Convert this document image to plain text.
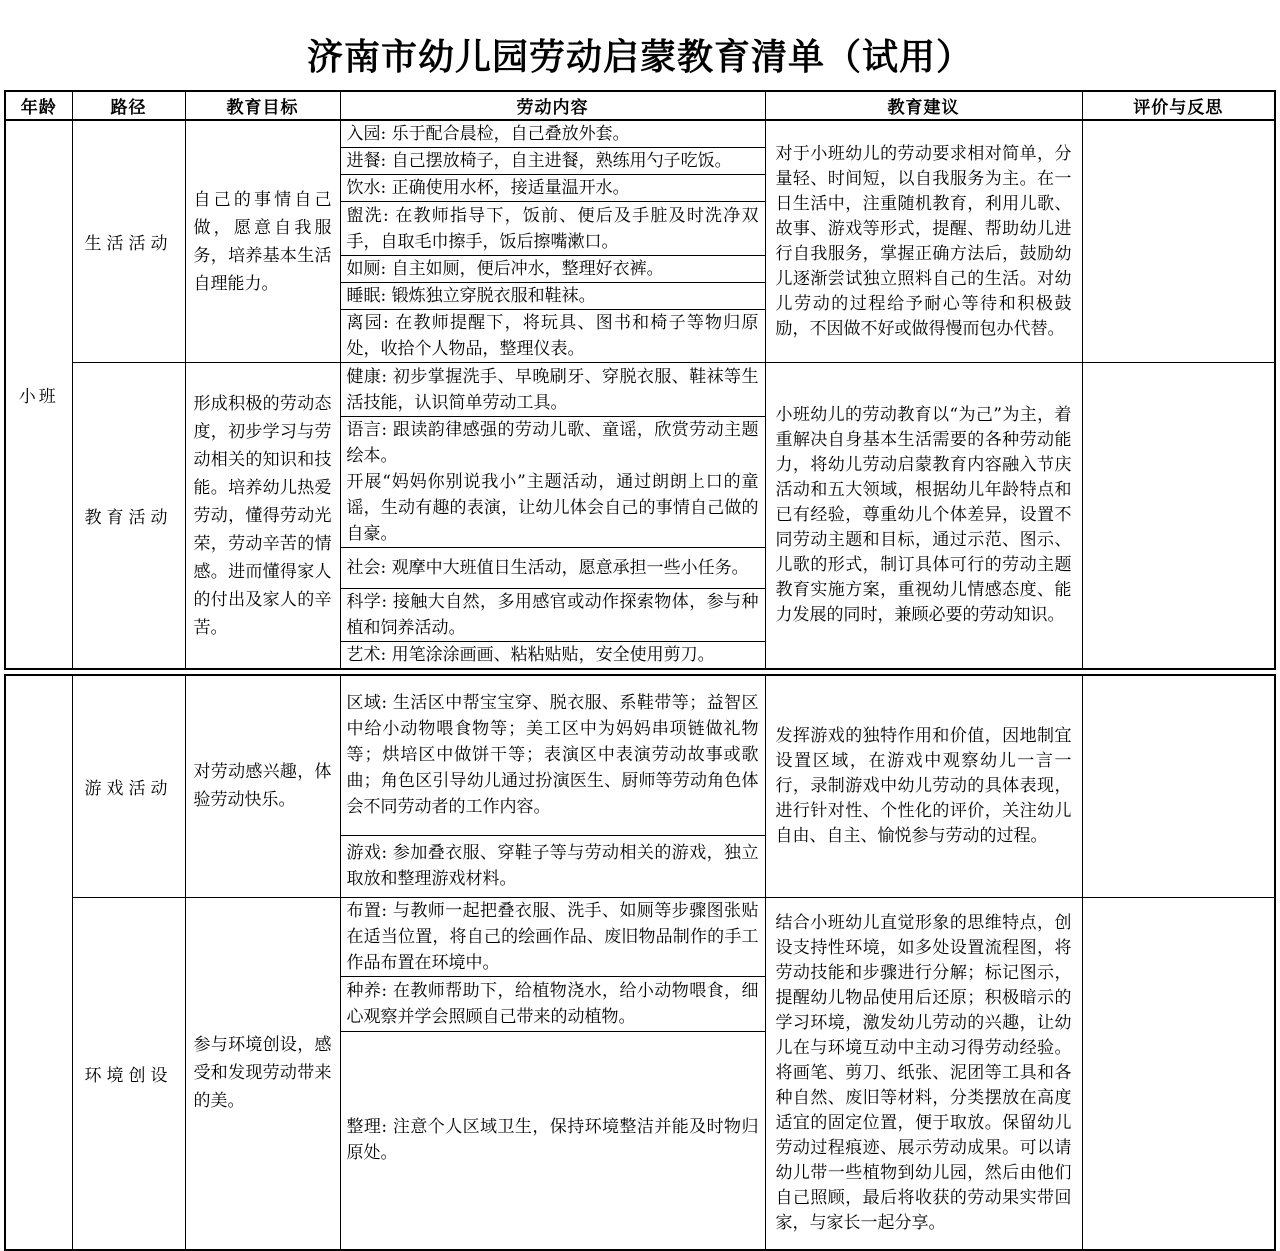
济南市幼儿园劳动启蒙教育清单（试用）
年龄	路径	教育目标	劳动内容	教育建议	评价与反思
小班	生活活动	自己的事情自己做，愿意自我服务，培养基本生活自理能力。	入园: 乐于配合晨检，自己叠放外套。	对于小班幼儿的劳动要求相对简单，分量轻、时间短，以自我服务为主。在一日生活中，注重随机教育，利用儿歌、故事、游戏等形式，提醒、帮助幼儿进行自我服务，掌握正确方法后，鼓励幼儿逐渐尝试独立照料自己的生活。对幼儿劳动的过程给予耐心等待和积极鼓励，不因做不好或做得慢而包办代替。	

			进餐: 自己摆放椅子，自主进餐，熟练用勺子吃饭。		

			饮水: 正确使用水杯，接适量温开水。		

			盥洗: 在教师指导下，饭前、便后及手脏及时洗净双手，自取毛巾擦手，饭后擦嘴漱口。		

			如厕: 自主如厕，便后冲水，整理好衣裤。		

			睡眠: 锻炼独立穿脱衣服和鞋袜。		

			离园: 在教师提醒下，将玩具、图书和椅子等物归原处，收拾个人物品，整理仪表。		

	教育活动	形成积极的劳动态度，初步学习与劳动相关的知识和技能。培养幼儿热爱劳动，懂得劳动光荣，劳动辛苦的情感。进而懂得家人的付出及家人的辛苦。	健康: 初步掌握洗手、早晚刷牙、穿脱衣服、鞋袜等生活技能，认识简单劳动工具。	小班幼儿的劳动教育以“为己”为主，着重解决自身基本生活需要的各种劳动能力，将幼儿劳动启蒙教育内容融入节庆活动和五大领域，根据幼儿年龄特点和已有经验，尊重幼儿个体差异，设置不同劳动主题和目标，通过示范、图示、儿歌的形式，制订具体可行的劳动主题教育实施方案，重视幼儿情感态度、能力发展的同时，兼顾必要的劳动知识。	

			语言: 跟读韵律感强的劳动儿歌、童谣，欣赏劳动主题绘本。
开展“妈妈你别说我小”主题活动，通过朗朗上口的童谣，生动有趣的表演，让幼儿体会自己的事情自己做的自豪。		

			社会: 观摩中大班值日生活动，愿意承担一些小任务。		

			科学: 接触大自然，多用感官或动作探索物体，参与种植和饲养活动。		

			艺术: 用笔涂涂画画、粘粘贴贴，安全使用剪刀。		
	游戏活动	对劳动感兴趣，体验劳动快乐。	区域: 生活区中帮宝宝穿、脱衣服、系鞋带等；益智区中给小动物喂食物等；美工区中为妈妈串项链做礼物等；烘培区中做饼干等；表演区中表演劳动故事或歌曲；角色区引导幼儿通过扮演医生、厨师等劳动角色体会不同劳动者的工作内容。	发挥游戏的独特作用和价值，因地制宜设置区域，在游戏中观察幼儿一言一行，录制游戏中幼儿劳动的具体表现，进行针对性、个性化的评价，关注幼儿自由、自主、愉悦参与劳动的过程。	

			游戏: 参加叠衣服、穿鞋子等与劳动相关的游戏，独立取放和整理游戏材料。		

	环境创设	参与环境创设，感受和发现劳动带来的美。	布置: 与教师一起把叠衣服、洗手、如厕等步骤图张贴在适当位置，将自己的绘画作品、废旧物品制作的手工作品布置在环境中。	结合小班幼儿直觉形象的思维特点，创设支持性环境，如多处设置流程图，将劳动技能和步骤进行分解；标记图示，提醒幼儿物品使用后还原；积极暗示的学习环境，激发幼儿劳动的兴趣，让幼儿在与环境互动中主动习得劳动经验。将画笔、剪刀、纸张、泥团等工具和各种自然、废旧等材料，分类摆放在高度适宜的固定位置，便于取放。保留幼儿劳动过程痕迹、展示劳动成果。可以请幼儿带一些植物到幼儿园，然后由他们自己照顾，最后将收获的劳动果实带回家，与家长一起分享。	

			种养: 在教师帮助下，给植物浇水，给小动物喂食，细心观察并学会照顾自己带来的动植物。		

			整理: 注意个人区域卫生，保持环境整洁并能及时物归原处。		
